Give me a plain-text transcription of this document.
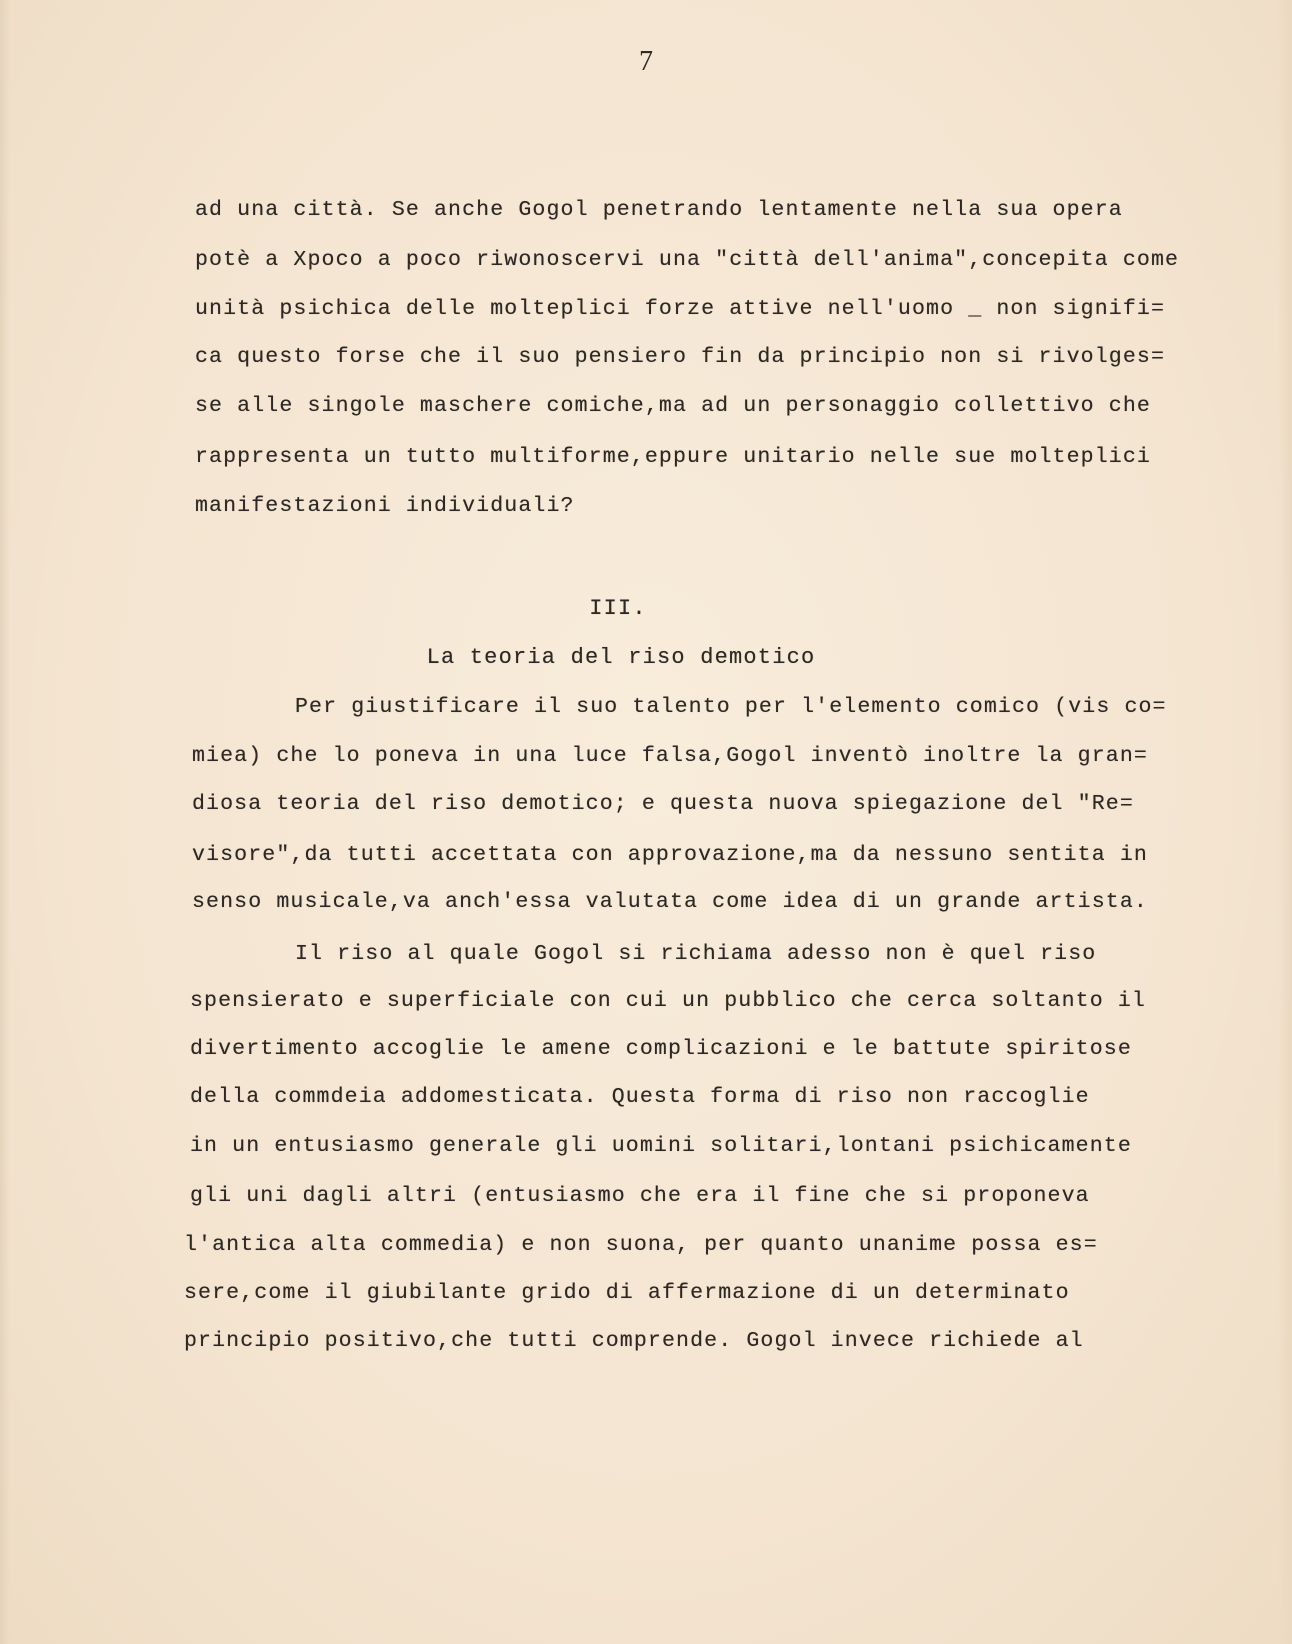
7
ad una città. Se anche Gogol penetrando lentamente nella sua opera
potè a Xpoco a poco riwonoscervi una "città dell'anima",concepita come
unità psichica delle molteplici forze attive nell'uomo _ non signifi=
ca questo forse che il suo pensiero fin da principio non si rivolges=
se alle singole maschere comiche,ma ad un personaggio collettivo che
rappresenta un tutto multiforme,eppure unitario nelle sue molteplici
manifestazioni individuali?
III.
La teoria del riso demotico
Per giustificare il suo talento per l'elemento comico (vis co=
miea) che lo poneva in una luce falsa,Gogol inventò inoltre la gran=
diosa teoria del riso demotico; e questa nuova spiegazione del "Re=
visore",da tutti accettata con approvazione,ma da nessuno sentita in
senso musicale,va anch'essa valutata come idea di un grande artista.
Il riso al quale Gogol si richiama adesso non è quel riso
spensierato e superficiale con cui un pubblico che cerca soltanto il
divertimento accoglie le amene complicazioni e le battute spiritose
della commdeia addomesticata. Questa forma di riso non raccoglie
in un entusiasmo generale gli uomini solitari,lontani psichicamente
gli uni dagli altri (entusiasmo che era il fine che si proponeva
l'antica alta commedia) e non suona, per quanto unanime possa es=
sere,come il giubilante grido di affermazione di un determinato
principio positivo,che tutti comprende. Gogol invece richiede al
